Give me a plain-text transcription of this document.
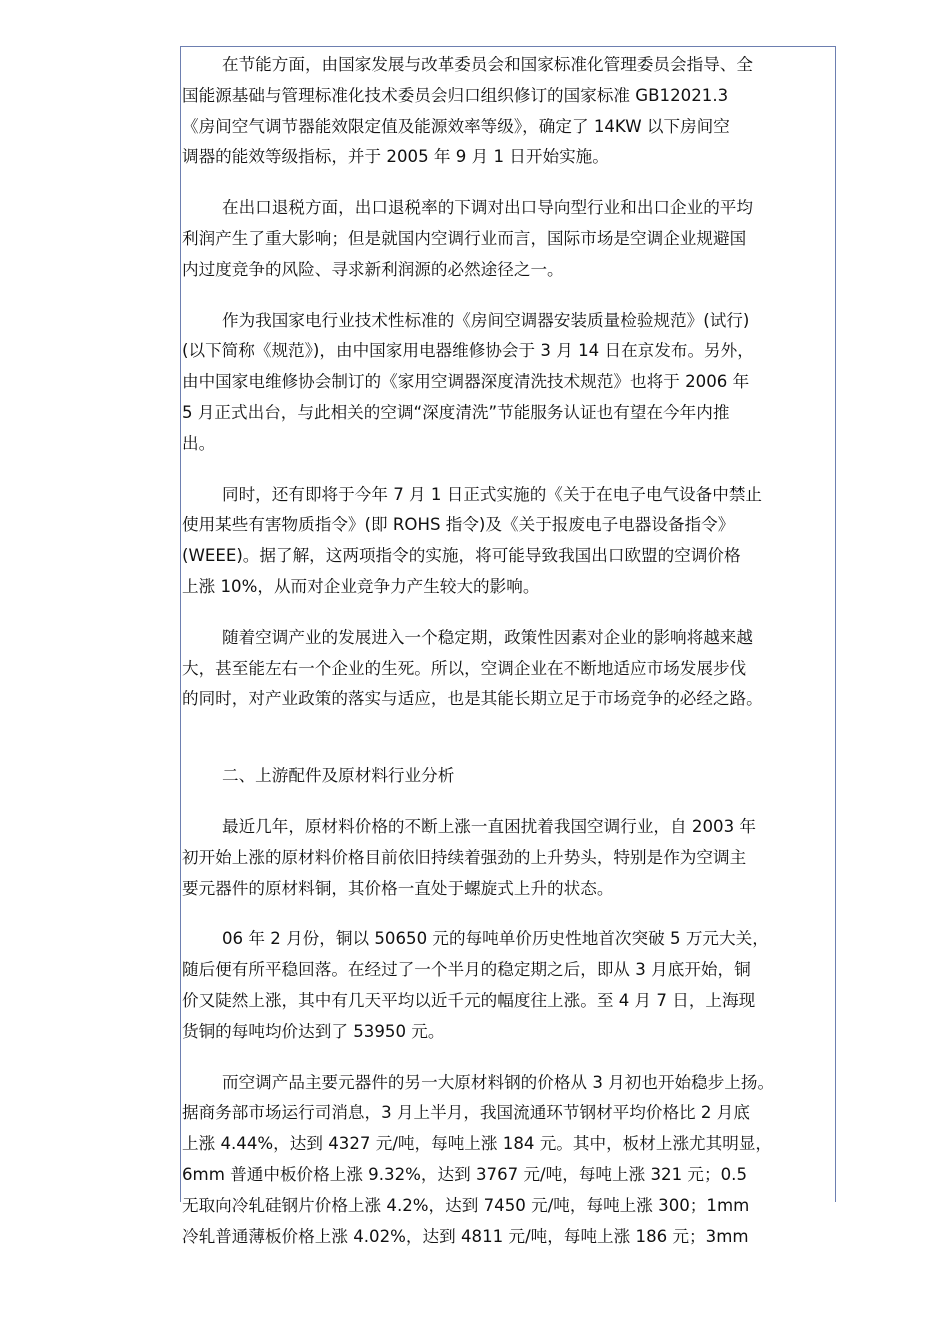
在节能方面，由国家发展与改革委员会和国家标准化管理委员会指导、全
国能源基础与管理标准化技术委员会归口组织修订的国家标准 GB12021.3
《房间空气调节器能效限定值及能源效率等级》，确定了 14KW 以下房间空
调器的能效等级指标，并于 2005 年 9 月 1 日开始实施。

在出口退税方面，出口退税率的下调对出口导向型行业和出口企业的平均
利润产生了重大影响；但是就国内空调行业而言，国际市场是空调企业规避国
内过度竞争的风险、寻求新利润源的必然途径之一。

作为我国家电行业技术性标准的《房间空调器安装质量检验规范》(试行)
(以下简称《规范》)，由中国家用电器维修协会于 3 月 14 日在京发布。另外，
由中国家电维修协会制订的《家用空调器深度清洗技术规范》也将于 2006 年
5 月正式出台，与此相关的空调“深度清洗”节能服务认证也有望在今年内推
出。

同时，还有即将于今年 7 月 1 日正式实施的《关于在电子电气设备中禁止
使用某些有害物质指令》(即 ROHS 指令)及《关于报废电子电器设备指令》
(WEEE)。据了解，这两项指令的实施，将可能导致我国出口欧盟的空调价格
上涨 10%，从而对企业竞争力产生较大的影响。

随着空调产业的发展进入一个稳定期，政策性因素对企业的影响将越来越
大，甚至能左右一个企业的生死。所以，空调企业在不断地适应市场发展步伐
的同时，对产业政策的落实与适应，也是其能长期立足于市场竞争的必经之路。

二、上游配件及原材料行业分析

最近几年，原材料价格的不断上涨一直困扰着我国空调行业，自 2003 年
初开始上涨的原材料价格目前依旧持续着强劲的上升势头，特别是作为空调主
要元器件的原材料铜，其价格一直处于螺旋式上升的状态。

06 年 2 月份，铜以 50650 元的每吨单价历史性地首次突破 5 万元大关，
随后便有所平稳回落。在经过了一个半月的稳定期之后，即从 3 月底开始，铜
价又陡然上涨，其中有几天平均以近千元的幅度往上涨。至 4 月 7 日，上海现
货铜的每吨均价达到了 53950 元。

而空调产品主要元器件的另一大原材料钢的价格从 3 月初也开始稳步上扬。
据商务部市场运行司消息，3 月上半月，我国流通环节钢材平均价格比 2 月底
上涨 4.44%，达到 4327 元/吨，每吨上涨 184 元。其中，板材上涨尤其明显，
6mm 普通中板价格上涨 9.32%，达到 3767 元/吨，每吨上涨 321 元；0.5
无取向冷轧硅钢片价格上涨 4.2%，达到 7450 元/吨，每吨上涨 300；1mm
冷轧普通薄板价格上涨 4.02%，达到 4811 元/吨，每吨上涨 186 元；3mm
